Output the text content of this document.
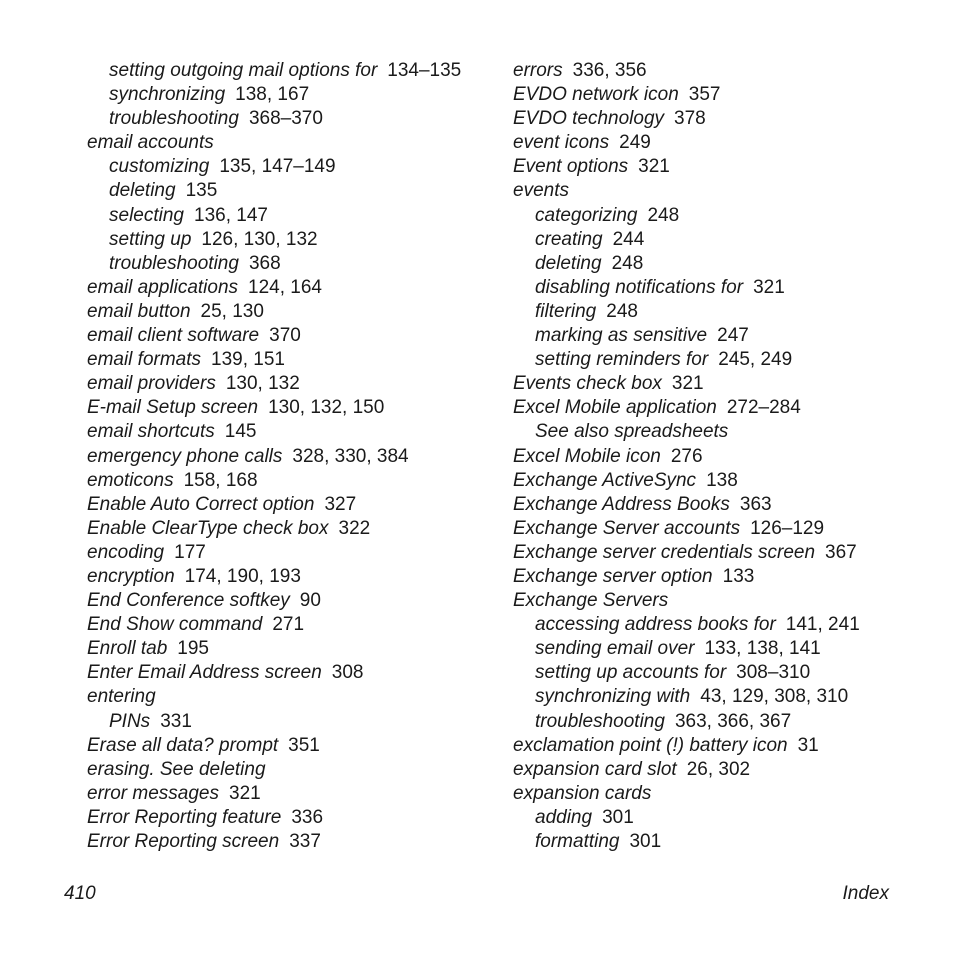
setting outgoing mail options for 134–135
synchronizing 138, 167
troubleshooting 368–370
email accounts
customizing 135, 147–149
deleting 135
selecting 136, 147
setting up 126, 130, 132
troubleshooting 368
email applications 124, 164
email button 25, 130
email client software 370
email formats 139, 151
email providers 130, 132
E-mail Setup screen 130, 132, 150
email shortcuts 145
emergency phone calls 328, 330, 384
emoticons 158, 168
Enable Auto Correct option 327
Enable ClearType check box 322
encoding 177
encryption 174, 190, 193
End Conference softkey 90
End Show command 271
Enroll tab 195
Enter Email Address screen 308
entering
PINs 331
Erase all data? prompt 351
erasing. See deleting
error messages 321
Error Reporting feature 336
Error Reporting screen 337
errors 336, 356
EVDO network icon 357
EVDO technology 378
event icons 249
Event options 321
events
categorizing 248
creating 244
deleting 248
disabling notifications for 321
filtering 248
marking as sensitive 247
setting reminders for 245, 249
Events check box 321
Excel Mobile application 272–284
See also spreadsheets
Excel Mobile icon 276
Exchange ActiveSync 138
Exchange Address Books 363
Exchange Server accounts 126–129
Exchange server credentials screen 367
Exchange server option 133
Exchange Servers
accessing address books for 141, 241
sending email over 133, 138, 141
setting up accounts for 308–310
synchronizing with 43, 129, 308, 310
troubleshooting 363, 366, 367
exclamation point (!) battery icon 31
expansion card slot 26, 302
expansion cards
adding 301
formatting 301
410	Index
